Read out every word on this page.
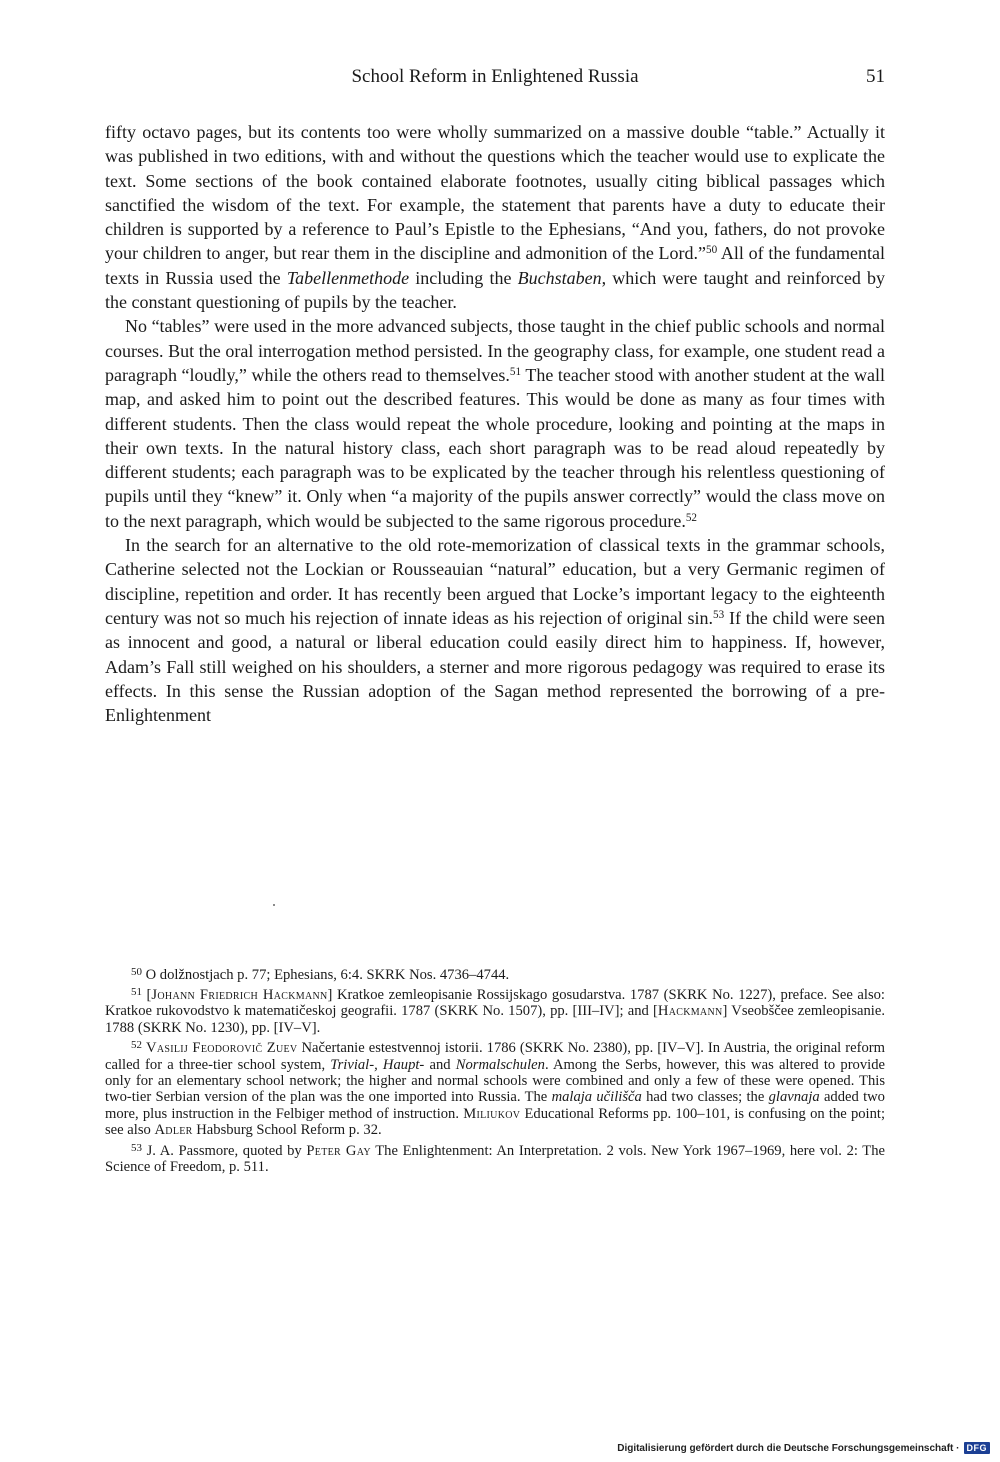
School Reform in Enlightened Russia	51

fifty octavo pages, but its contents too were wholly summarized on a massive double “table.” Actually it was published in two editions, with and without the questions which the teacher would use to explicate the text. Some sections of the book contained elaborate footnotes, usually citing biblical passages which sanctified the wisdom of the text. For example, the statement that parents have a duty to educate their children is supported by a reference to Paul’s Epistle to the Ephesians, “And you, fathers, do not provoke your children to anger, but rear them in the discipline and admonition of the Lord.”$^{50}$ All of the fundamental texts in Russia used the Tabellenmethode including the Buchstaben, which were taught and reinforced by the constant questioning of pupils by the teacher.

No “tables” were used in the more advanced subjects, those taught in the chief public schools and normal courses. But the oral interrogation method persisted. In the geography class, for example, one student read a paragraph “loudly,” while the others read to themselves.$^{51}$ The teacher stood with another student at the wall map, and asked him to point out the described features. This would be done as many as four times with different students. Then the class would repeat the whole procedure, looking and pointing at the maps in their own texts. In the natural history class, each short paragraph was to be read aloud repeatedly by different students; each paragraph was to be explicated by the teacher through his relentless questioning of pupils until they “knew” it. Only when “a majority of the pupils answer correctly” would the class move on to the next paragraph, which would be subjected to the same rigorous procedure.$^{52}$

In the search for an alternative to the old rote-memorization of classical texts in the grammar schools, Catherine selected not the Lockian or Rousseauian “natural” education, but a very Germanic regimen of discipline, repetition and order. It has recently been argued that Locke’s important legacy to the eighteenth century was not so much his rejection of innate ideas as his rejection of original sin.$^{53}$ If the child were seen as innocent and good, a natural or liberal education could easily direct him to happiness. If, however, Adam’s Fall still weighed on his shoulders, a sterner and more rigorous pedagogy was required to erase its effects. In this sense the Russian adoption of the Sagan method represented the borrowing of a pre-Enlightenment

$^{50}$ O dolžnostjach p. 77; Ephesians, 6:4. SKRK Nos. 4736–4744.

$^{51}$ [Johann Friedrich Hackmann] Kratkoe zemleopisanie Rossijskago gosudarstva. 1787 (SKRK No. 1227), preface. See also: Kratkoe rukovodstvo k matematičeskoj geografii. 1787 (SKRK No. 1507), pp. [III–IV]; and [Hackmann] Vseobščee zemleopisanie. 1788 (SKRK No. 1230), pp. [IV–V].

$^{52}$ Vasilij Feodorovič Zuev Načertanie estestvennoj istorii. 1786 (SKRK No. 2380), pp. [IV–V]. In Austria, the original reform called for a three-tier school system, Trivial-, Haupt- and Normalschulen. Among the Serbs, however, this was altered to provide only for an elementary school network; the higher and normal schools were combined and only a few of these were opened. This two-tier Serbian version of the plan was the one imported into Russia. The malaja učilišča had two classes; the glavnaja added two more, plus instruction in the Felbiger method of instruction. Miliukov Educational Reforms pp. 100–101, is confusing on the point; see also Adler Habsburg School Reform p. 32.

$^{53}$ J. A. Passmore, quoted by Peter Gay The Enlightenment: An Interpretation. 2 vols. New York 1967–1969, here vol. 2: The Science of Freedom, p. 511.

Digitalisierung gefördert durch die Deutsche Forschungsgemeinschaft · DFG
